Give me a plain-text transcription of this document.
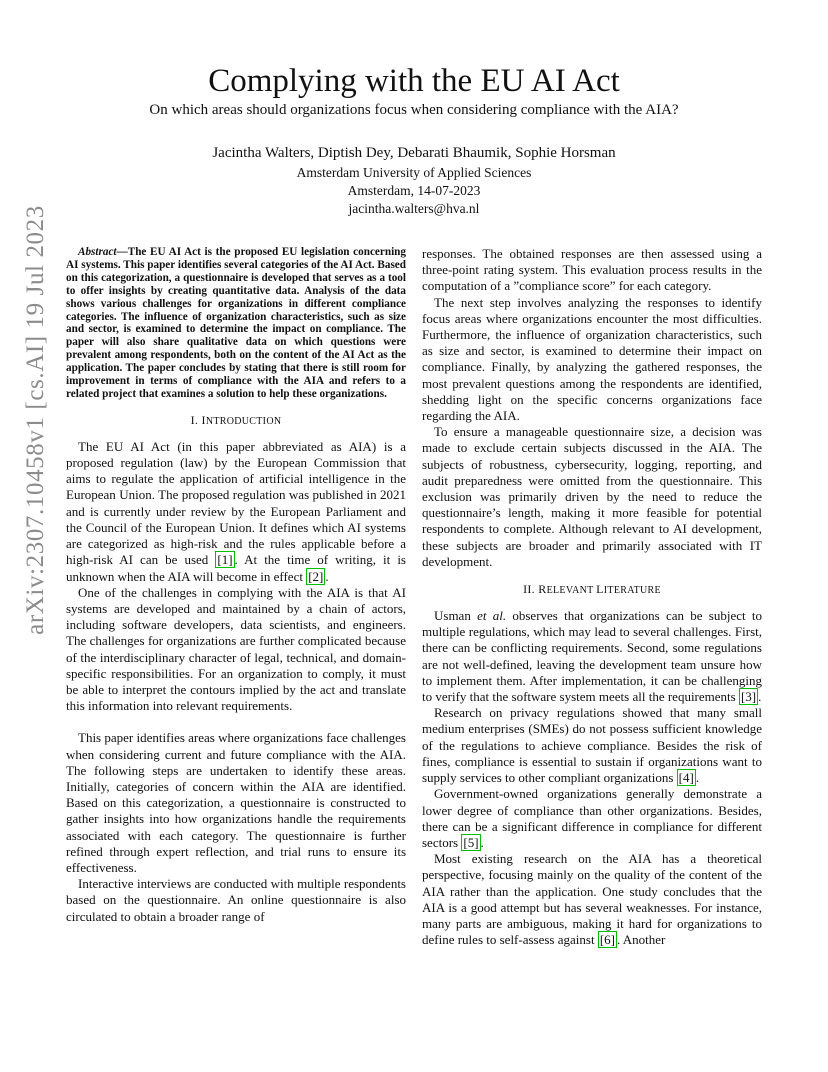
arXiv:2307.10458v1 [cs.AI] 19 Jul 2023
Complying with the EU AI Act
On which areas should organizations focus when considering compliance with the AIA?
Jacintha Walters, Diptish Dey, Debarati Bhaumik, Sophie Horsman
Amsterdam University of Applied Sciences
Amsterdam, 14-07-2023
jacintha.walters@hva.nl

Abstract—The EU AI Act is the proposed EU legislation concerning AI systems. This paper identifies several categories of the AI Act. Based on this categorization, a questionnaire is developed that serves as a tool to offer insights by creating quantitative data. Analysis of the data shows various challenges for organizations in different compliance categories. The influence of organization characteristics, such as size and sector, is examined to determine the impact on compliance. The paper will also share qualitative data on which questions were prevalent among respondents, both on the content of the AI Act as the application. The paper concludes by stating that there is still room for improvement in terms of compliance with the AIA and refers to a related project that examines a solution to help these organizations.

I. INTRODUCTION

The EU AI Act (in this paper abbreviated as AIA) is a proposed regulation (law) by the European Commission that aims to regulate the application of artificial intelligence in the European Union. The proposed regulation was published in 2021 and is currently under review by the European Parliament and the Council of the European Union. It defines which AI systems are categorized as high-risk and the rules applicable before a high-risk AI can be used [1] . At the time of writing, it is unknown when the AIA will become in effect [2] .

One of the challenges in complying with the AIA is that AI systems are developed and maintained by a chain of actors, including software developers, data scientists, and engineers. The challenges for organizations are further complicated because of the interdisciplinary character of legal, technical, and domain-specific responsibilities. For an organization to comply, it must be able to interpret the contours implied by the act and translate this information into relevant requirements.

This paper identifies areas where organizations face challenges when considering current and future compliance with the AIA. The following steps are undertaken to identify these areas. Initially, categories of concern within the AIA are identified. Based on this categorization, a questionnaire is constructed to gather insights into how organizations handle the requirements associated with each category. The questionnaire is further refined through expert reflection, and trial runs to ensure its effectiveness.

Interactive interviews are conducted with multiple respondents based on the questionnaire. An online questionnaire is also circulated to obtain a broader range of

responses. The obtained responses are then assessed using a three-point rating system. This evaluation process results in the computation of a ”compliance score” for each category.

The next step involves analyzing the responses to identify focus areas where organizations encounter the most difficulties. Furthermore, the influence of organization characteristics, such as size and sector, is examined to determine their impact on compliance. Finally, by analyzing the gathered responses, the most prevalent questions among the respondents are identified, shedding light on the specific concerns organizations face regarding the AIA.

To ensure a manageable questionnaire size, a decision was made to exclude certain subjects discussed in the AIA. The subjects of robustness, cybersecurity, logging, reporting, and audit preparedness were omitted from the questionnaire. This exclusion was primarily driven by the need to reduce the questionnaire’s length, making it more feasible for potential respondents to complete. Although relevant to AI development, these subjects are broader and primarily associated with IT development.

II. RELEVANT LITERATURE

Usman et al. observes that organizations can be subject to multiple regulations, which may lead to several challenges. First, there can be conflicting requirements. Second, some regulations are not well-defined, leaving the development team unsure how to implement them. After implementation, it can be challenging to verify that the software system meets all the requirements [3] .

Research on privacy regulations showed that many small medium enterprises (SMEs) do not possess sufficient knowledge of the regulations to achieve compliance. Besides the risk of fines, compliance is essential to sustain if organizations want to supply services to other compliant organizations [4] .

Government-owned organizations generally demonstrate a lower degree of compliance than other organizations. Besides, there can be a significant difference in compliance for different sectors [5] .

Most existing research on the AIA has a theoretical perspective, focusing mainly on the quality of the content of the AIA rather than the application. One study concludes that the AIA is a good attempt but has several weaknesses. For instance, many parts are ambiguous, making it hard for organizations to define rules to self-assess against [6] . Another
